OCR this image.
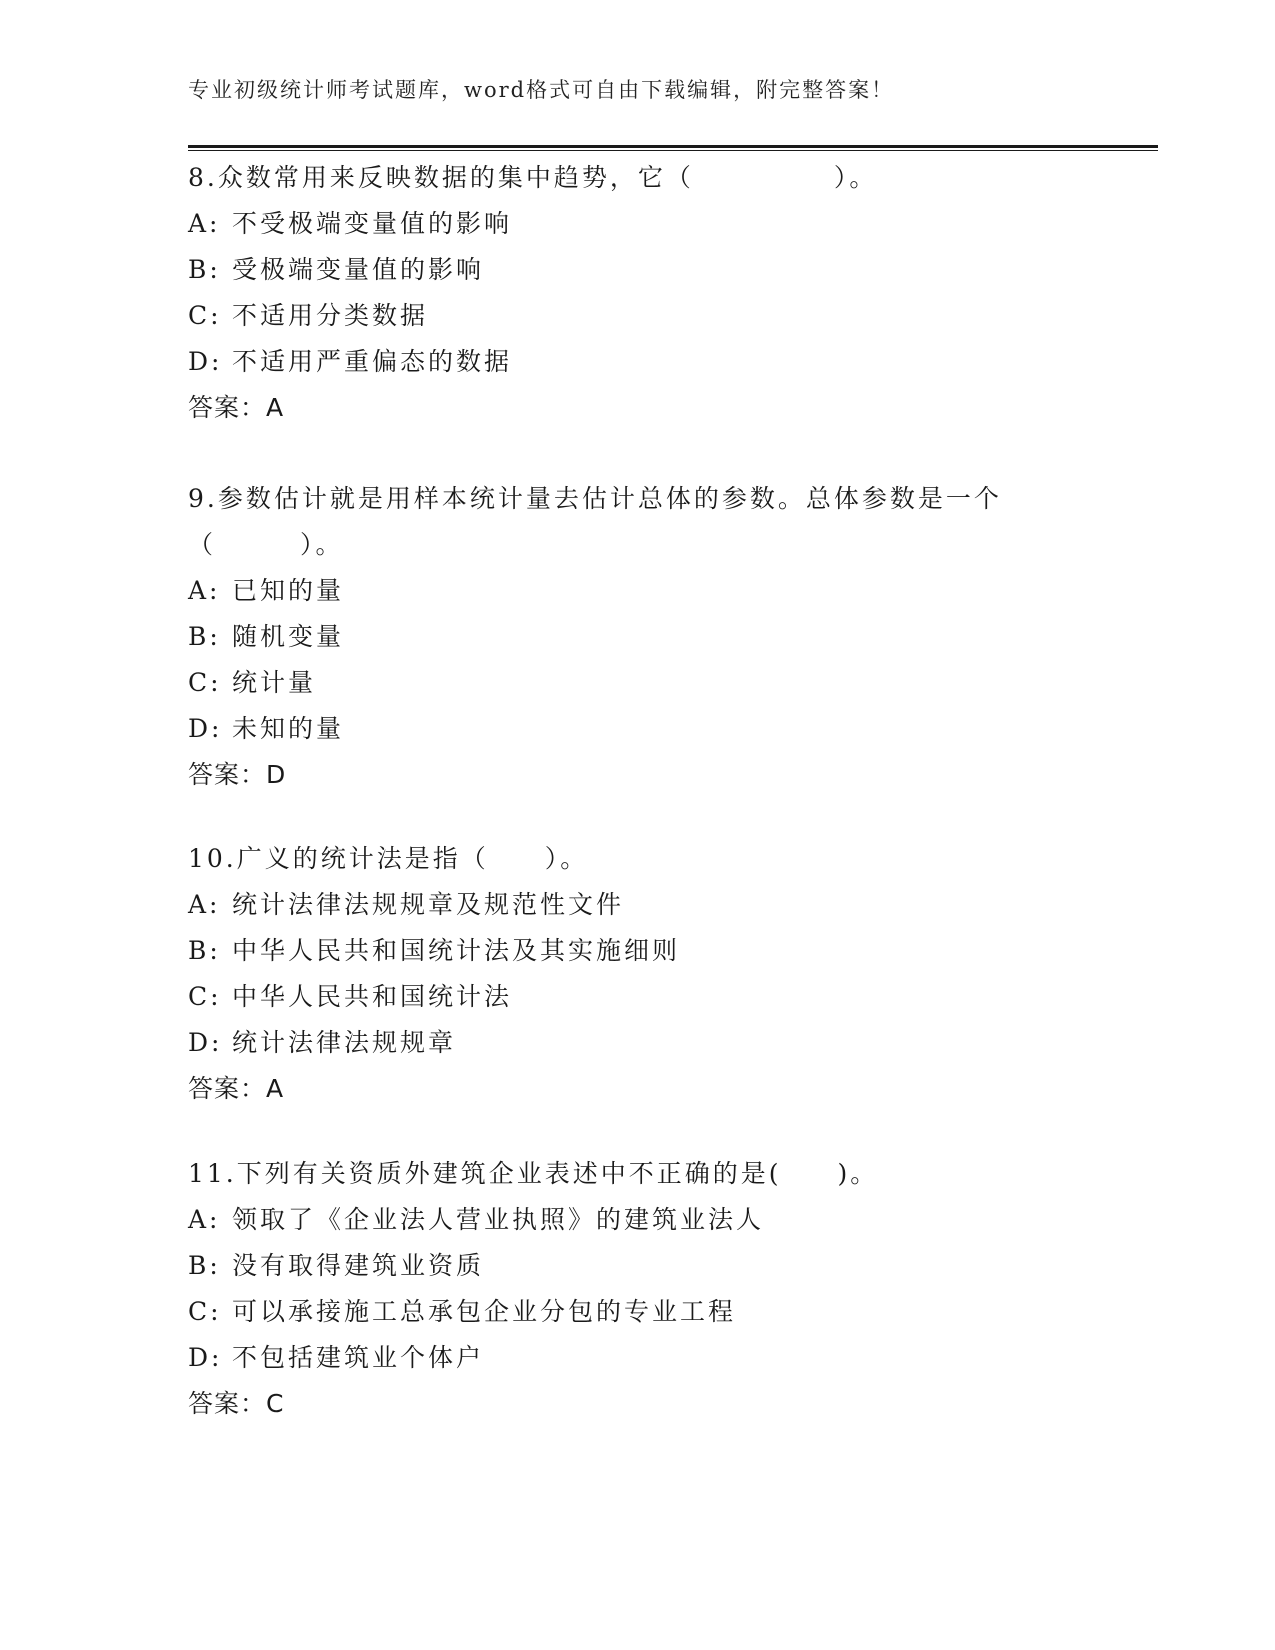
专业初级统计师考试题库，word格式可自由下载编辑，附完整答案！
8.众数常用来反映数据的集中趋势，它（　　　　　）。
A: 不受极端变量值的影响
B: 受极端变量值的影响
C: 不适用分类数据
D: 不适用严重偏态的数据
答案：A
9.参数估计就是用样本统计量去估计总体的参数。总体参数是一个（　　　）。
A: 已知的量
B: 随机变量
C: 统计量
D: 未知的量
答案：D
10.广义的统计法是指（　　）。
A: 统计法律法规规章及规范性文件
B: 中华人民共和国统计法及其实施细则
C: 中华人民共和国统计法
D: 统计法律法规规章
答案：A
11.下列有关资质外建筑企业表述中不正确的是(　　)。
A: 领取了《企业法人营业执照》的建筑业法人
B: 没有取得建筑业资质
C: 可以承接施工总承包企业分包的专业工程
D: 不包括建筑业个体户
答案：C
